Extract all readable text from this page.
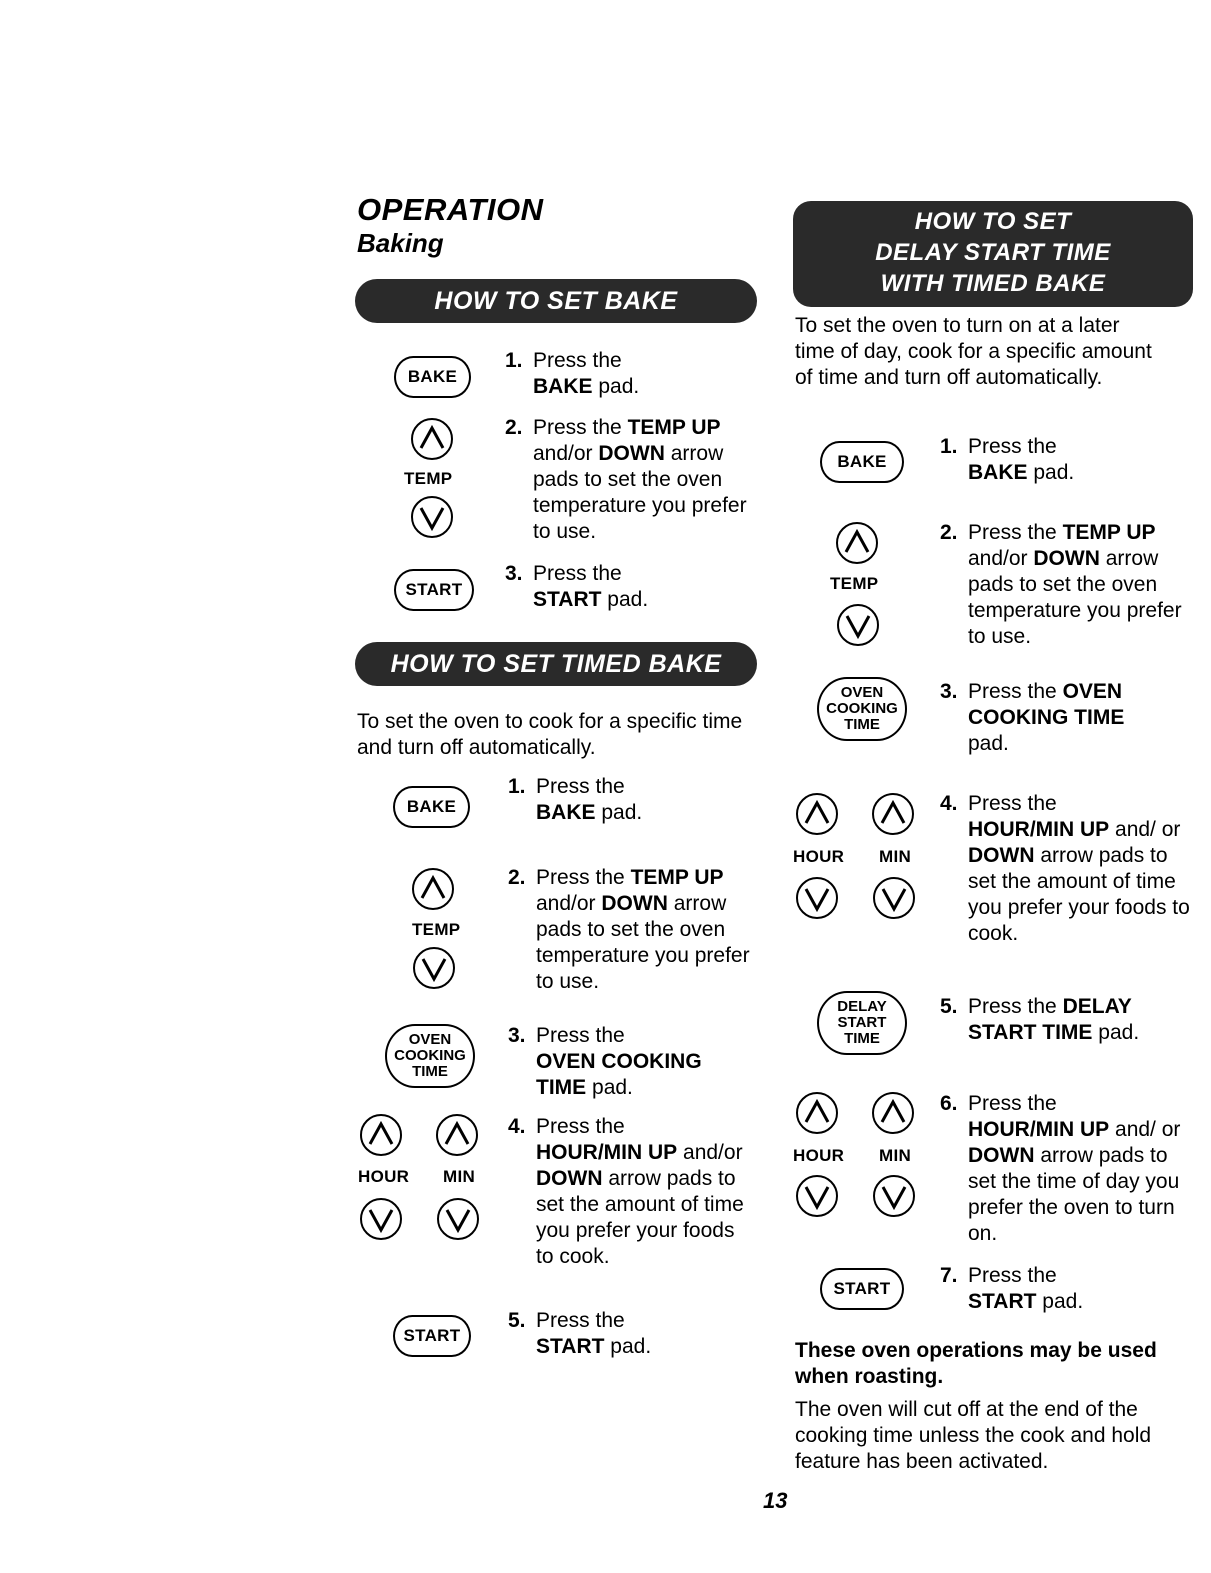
OPERATION
Baking
HOW TO SET BAKE
BAKE
TEMP
START
1. Press the
BAKE pad.
2. Press the TEMP UP and/or DOWN arrow pads to set the oven temperature you prefer to use.
3. Press the
START pad.
HOW TO SET TIMED BAKE
To set the oven to cook for a specific time and turn off automatically.
BAKE
TEMP
OVEN
COOKING
TIME
HOUR MIN
START
1. Press the
BAKE pad.
2. Press the TEMP UP and/or DOWN arrow pads to set the oven temperature you prefer to use.
3. Press the
OVEN COOKING TIME pad.
4. Press the
HOUR/MIN UP and/or DOWN arrow pads to set the amount of time you prefer your foods to cook.
5. Press the
START pad.
HOW TO SET
DELAY START TIME
WITH TIMED BAKE
To set the oven to turn on at a later time of day, cook for a specific amount of time and turn off automatically.
BAKE
TEMP
OVEN
COOKING
TIME
HOUR MIN
DELAY
START
TIME
HOUR MIN
START
1. Press the
BAKE pad.
2. Press the TEMP UP and/or DOWN arrow pads to set the oven temperature you prefer to use.
3. Press the OVEN COOKING TIME pad.
4. Press the
HOUR/MIN UP and/ or DOWN arrow pads to set the amount of time you prefer your foods to cook.
5. Press the DELAY START TIME pad.
6. Press the
HOUR/MIN UP and/ or DOWN arrow pads to set the time of day you prefer the oven to turn on.
7. Press the
START pad.
These oven operations may be used when roasting.
The oven will cut off at the end of the cooking time unless the cook and hold feature has been activated.
13
